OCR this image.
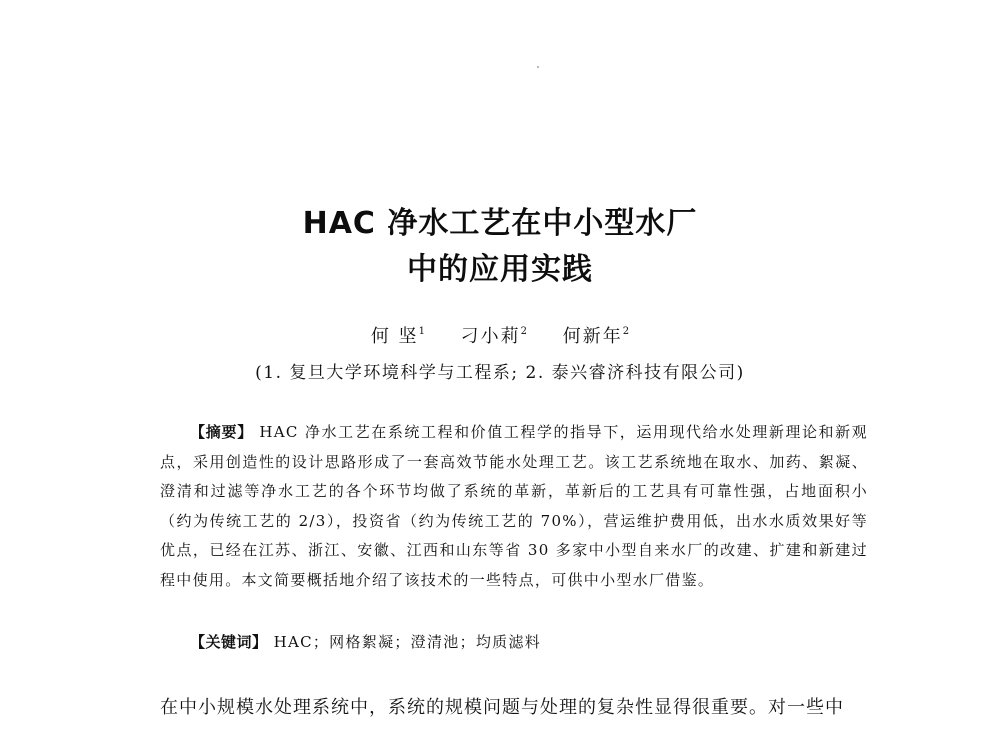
HAC 净水工艺在中小型水厂
中的应用实践
何 坚$^1$ 刁小莉$^2$ 何新年$^2$
(1. 复旦大学环境科学与工程系; 2. 泰兴睿济科技有限公司)

【摘要】 HAC 净水工艺在系统工程和价值工程学的指导下，运用现代给水处理新理论和新观点，采用创造性的设计思路形成了一套高效节能水处理工艺。该工艺系统地在取水、加药、絮凝、澄清和过滤等净水工艺的各个环节均做了系统的革新，革新后的工艺具有可靠性强，占地面积小（约为传统工艺的 2/3），投资省（约为传统工艺的 70%），营运维护费用低，出水水质效果好等优点，已经在江苏、浙江、安徽、江西和山东等省 30 多家中小型自来水厂的改建、扩建和新建过程中使用。本文简要概括地介绍了该技术的一些特点，可供中小型水厂借鉴。

【关键词】 HAC；网格絮凝；澄清池；均质滤料

在中小规模水处理系统中，系统的规模问题与处理的复杂性显得很重要。对一些中
